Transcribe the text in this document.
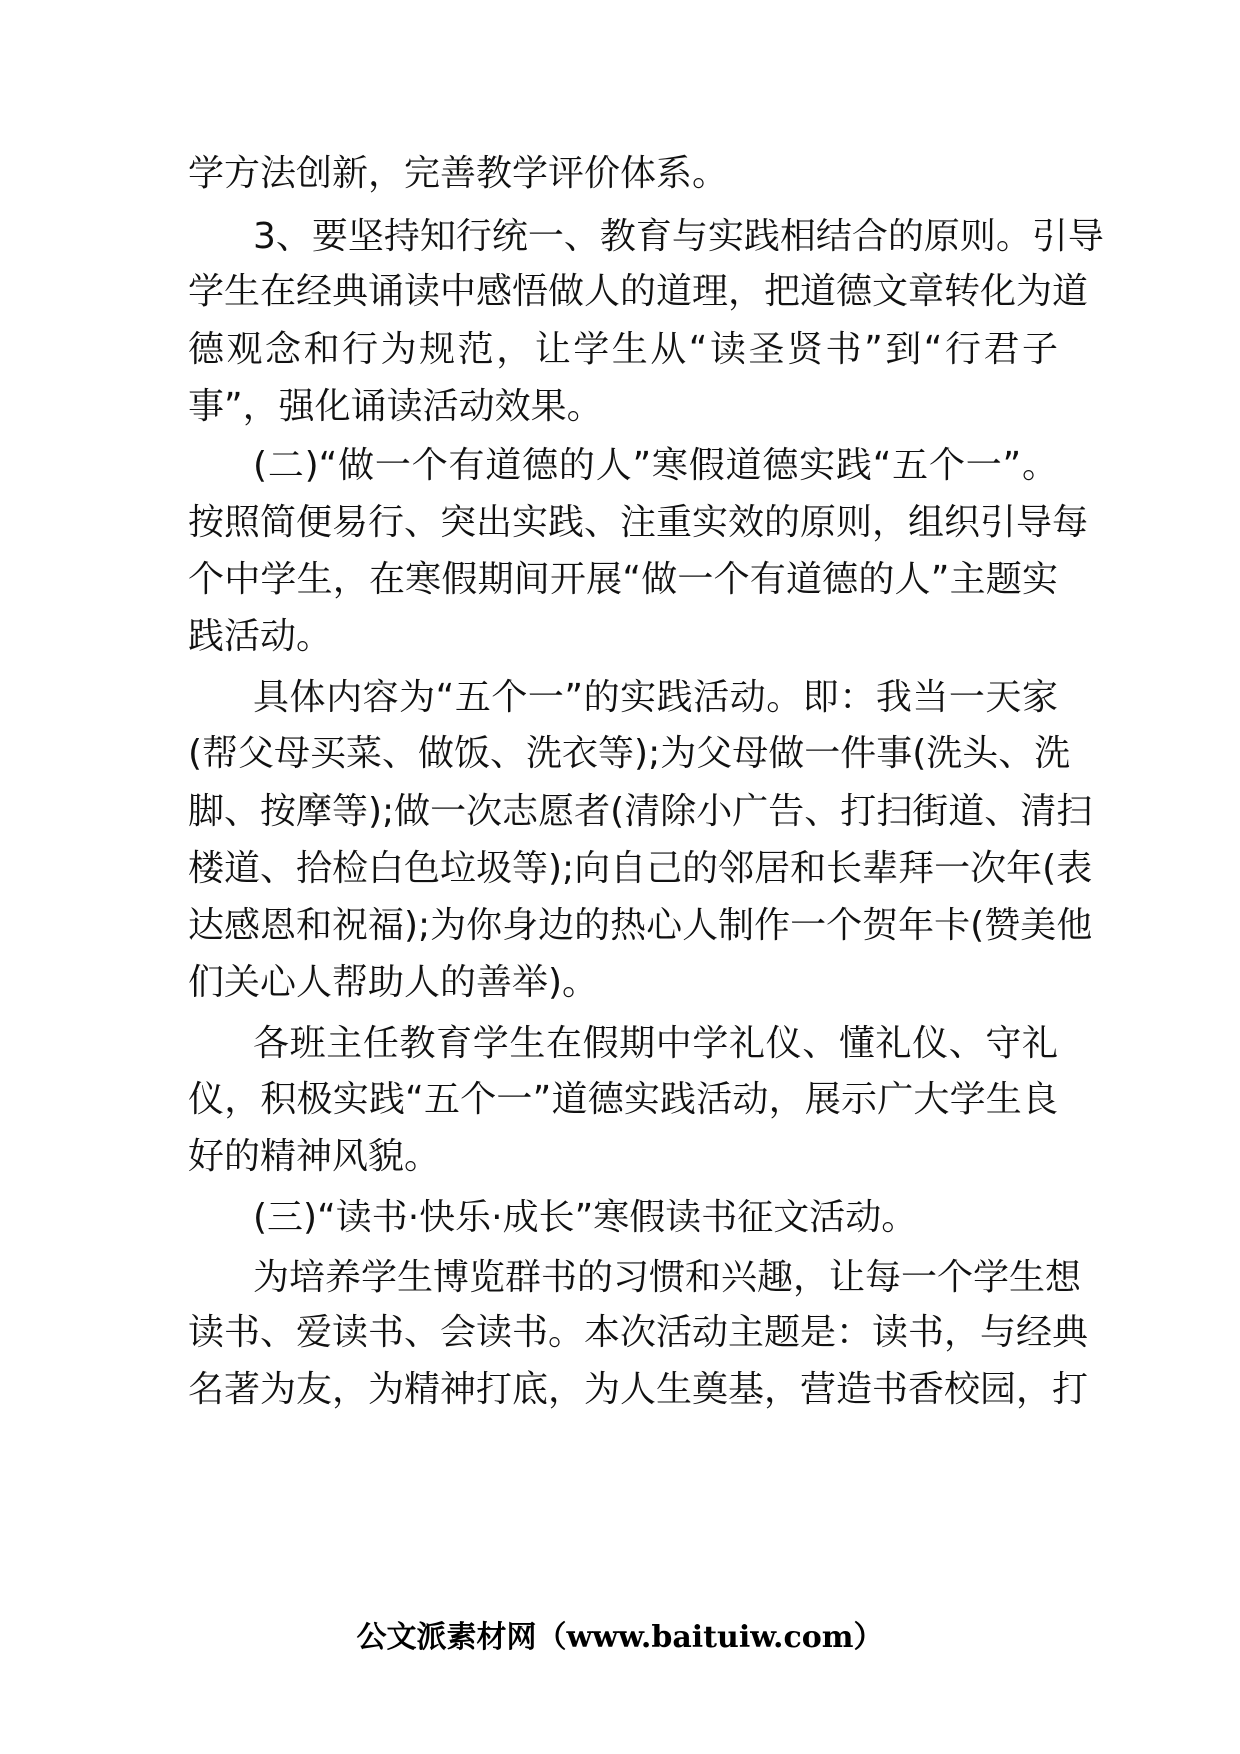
学方法创新，完善教学评价体系。
3、要坚持知行统一、教育与实践相结合的原则。引导
学生在经典诵读中感悟做人的道理，把道德文章转化为道
德观念和行为规范，让学生从“读圣贤书”到“行君子
事”，强化诵读活动效果。
(二)“做一个有道德的人”寒假道德实践“五个一”。
按照简便易行、突出实践、注重实效的原则，组织引导每
个中学生，在寒假期间开展“做一个有道德的人”主题实
践活动。
具体内容为“五个一”的实践活动。即：我当一天家
(帮父母买菜、做饭、洗衣等);为父母做一件事(洗头、洗
脚、按摩等);做一次志愿者(清除小广告、打扫街道、清扫
楼道、拾检白色垃圾等);向自己的邻居和长辈拜一次年(表
达感恩和祝福);为你身边的热心人制作一个贺年卡(赞美他
们关心人帮助人的善举)。
各班主任教育学生在假期中学礼仪、懂礼仪、守礼
仪，积极实践“五个一”道德实践活动，展示广大学生良
好的精神风貌。
(三)“读书·快乐·成长”寒假读书征文活动。
为培养学生博览群书的习惯和兴趣，让每一个学生想
读书、爱读书、会读书。本次活动主题是：读书，与经典
名著为友，为精神打底，为人生奠基，营造书香校园，打
公文派素材网（www.baituiw.com）
